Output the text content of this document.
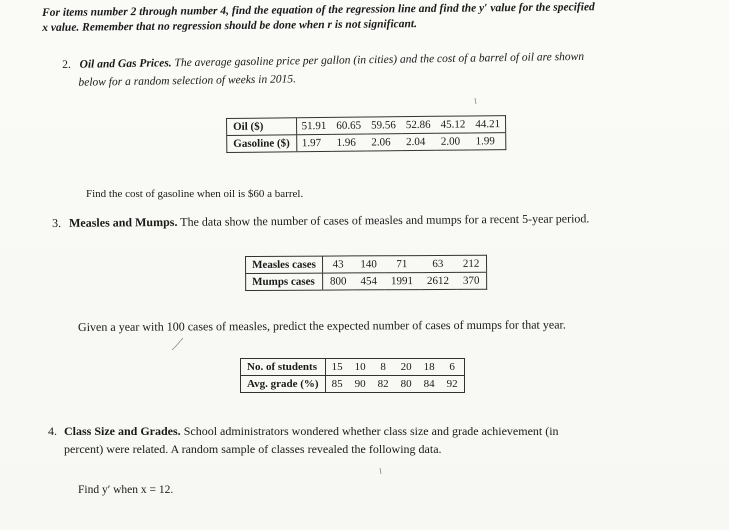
For items number 2 through number 4, find the equation of the regression line and find the y′ value for the specified
x value. Remember that no regression should be done when r is not significant.
2. Oil and Gas Prices. The average gasoline price per gallon (in cities) and the cost of a barrel of oil are shown
below for a random selection of weeks in 2015.
Oil ($)	51.91	60.65	59.56	52.86	45.12	44.21
Gasoline ($)	1.97	1.96	2.06	2.04	2.00	1.99
Find the cost of gasoline when oil is $60 a barrel.
3. Measles and Mumps. The data show the number of cases of measles and mumps for a recent 5-year period.
Measles cases	43	140	71	63	212
Mumps cases	800	454	1991	2612	370
Given a year with 100 cases of measles, predict the expected number of cases of mumps for that year.
No. of students	15	10	8	20	18	6
Avg. grade (%)	85	90	82	80	84	92
4. Class Size and Grades. School administrators wondered whether class size and grade achievement (in
percent) were related. A random sample of classes revealed the following data.
Find y′ when x = 12.
